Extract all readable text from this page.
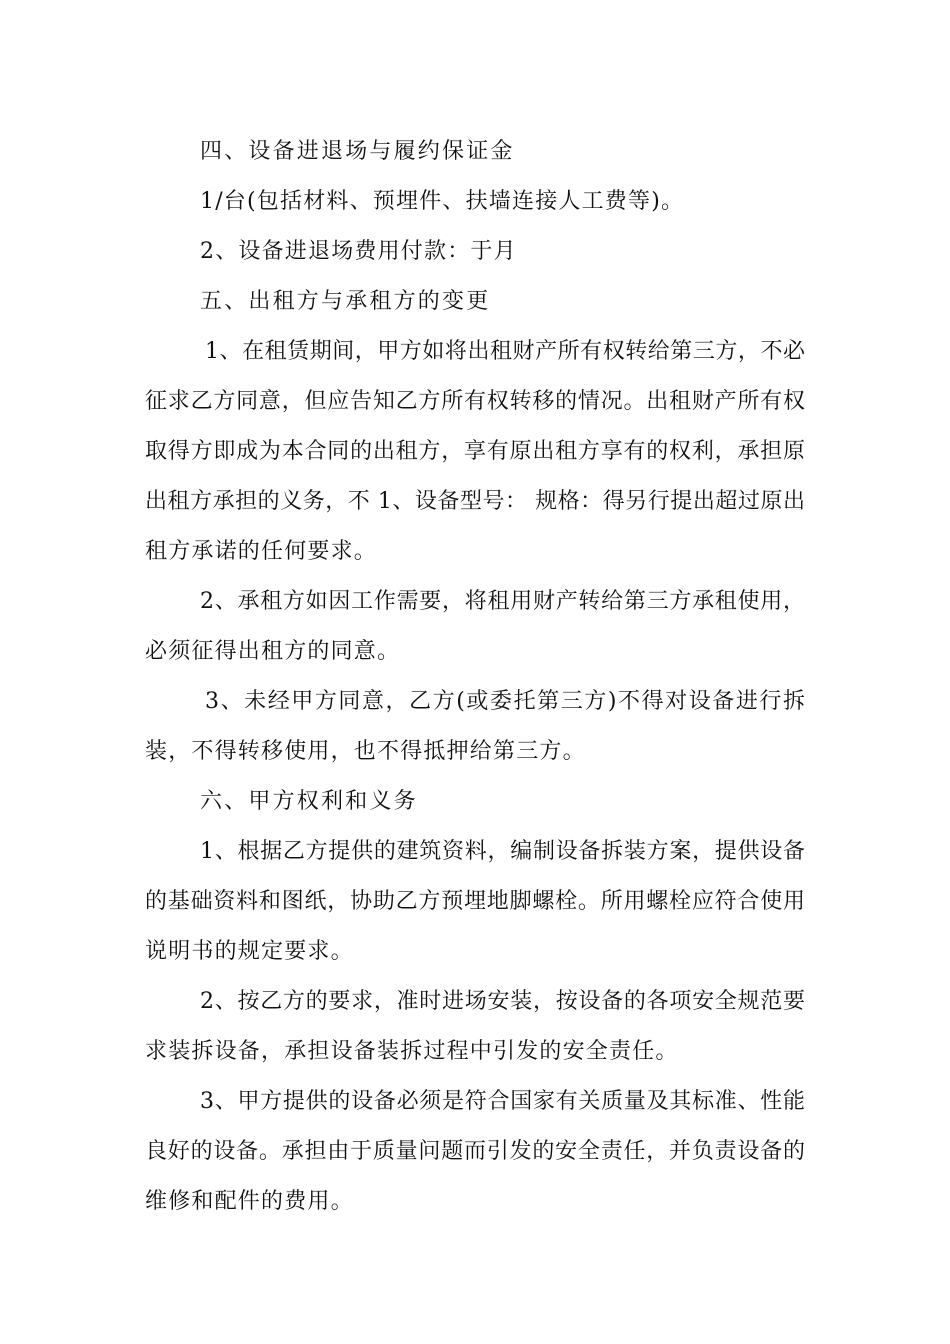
四、设备进退场与履约保证金
1/台(包括材料、预埋件、扶墙连接人工费等)。
2、设备进退场费用付款：于月
五、出租方与承租方的变更
1、在租赁期间，甲方如将出租财产所有权转给第三方，不必
征求乙方同意，但应告知乙方所有权转移的情况。出租财产所有权
取得方即成为本合同的出租方，享有原出租方享有的权利，承担原
出租方承担的义务，不 1、设备型号： 规格：得另行提出超过原出
租方承诺的任何要求。
2、承租方如因工作需要，将租用财产转给第三方承租使用，
必须征得出租方的同意。
3、未经甲方同意，乙方(或委托第三方)不得对设备进行拆
装，不得转移使用，也不得抵押给第三方。
六、甲方权利和义务
1、根据乙方提供的建筑资料，编制设备拆装方案，提供设备
的基础资料和图纸，协助乙方预埋地脚螺栓。所用螺栓应符合使用
说明书的规定要求。
2、按乙方的要求，准时进场安装，按设备的各项安全规范要
求装拆设备，承担设备装拆过程中引发的安全责任。
3、甲方提供的设备必须是符合国家有关质量及其标准、性能
良好的设备。承担由于质量问题而引发的安全责任，并负责设备的
维修和配件的费用。
